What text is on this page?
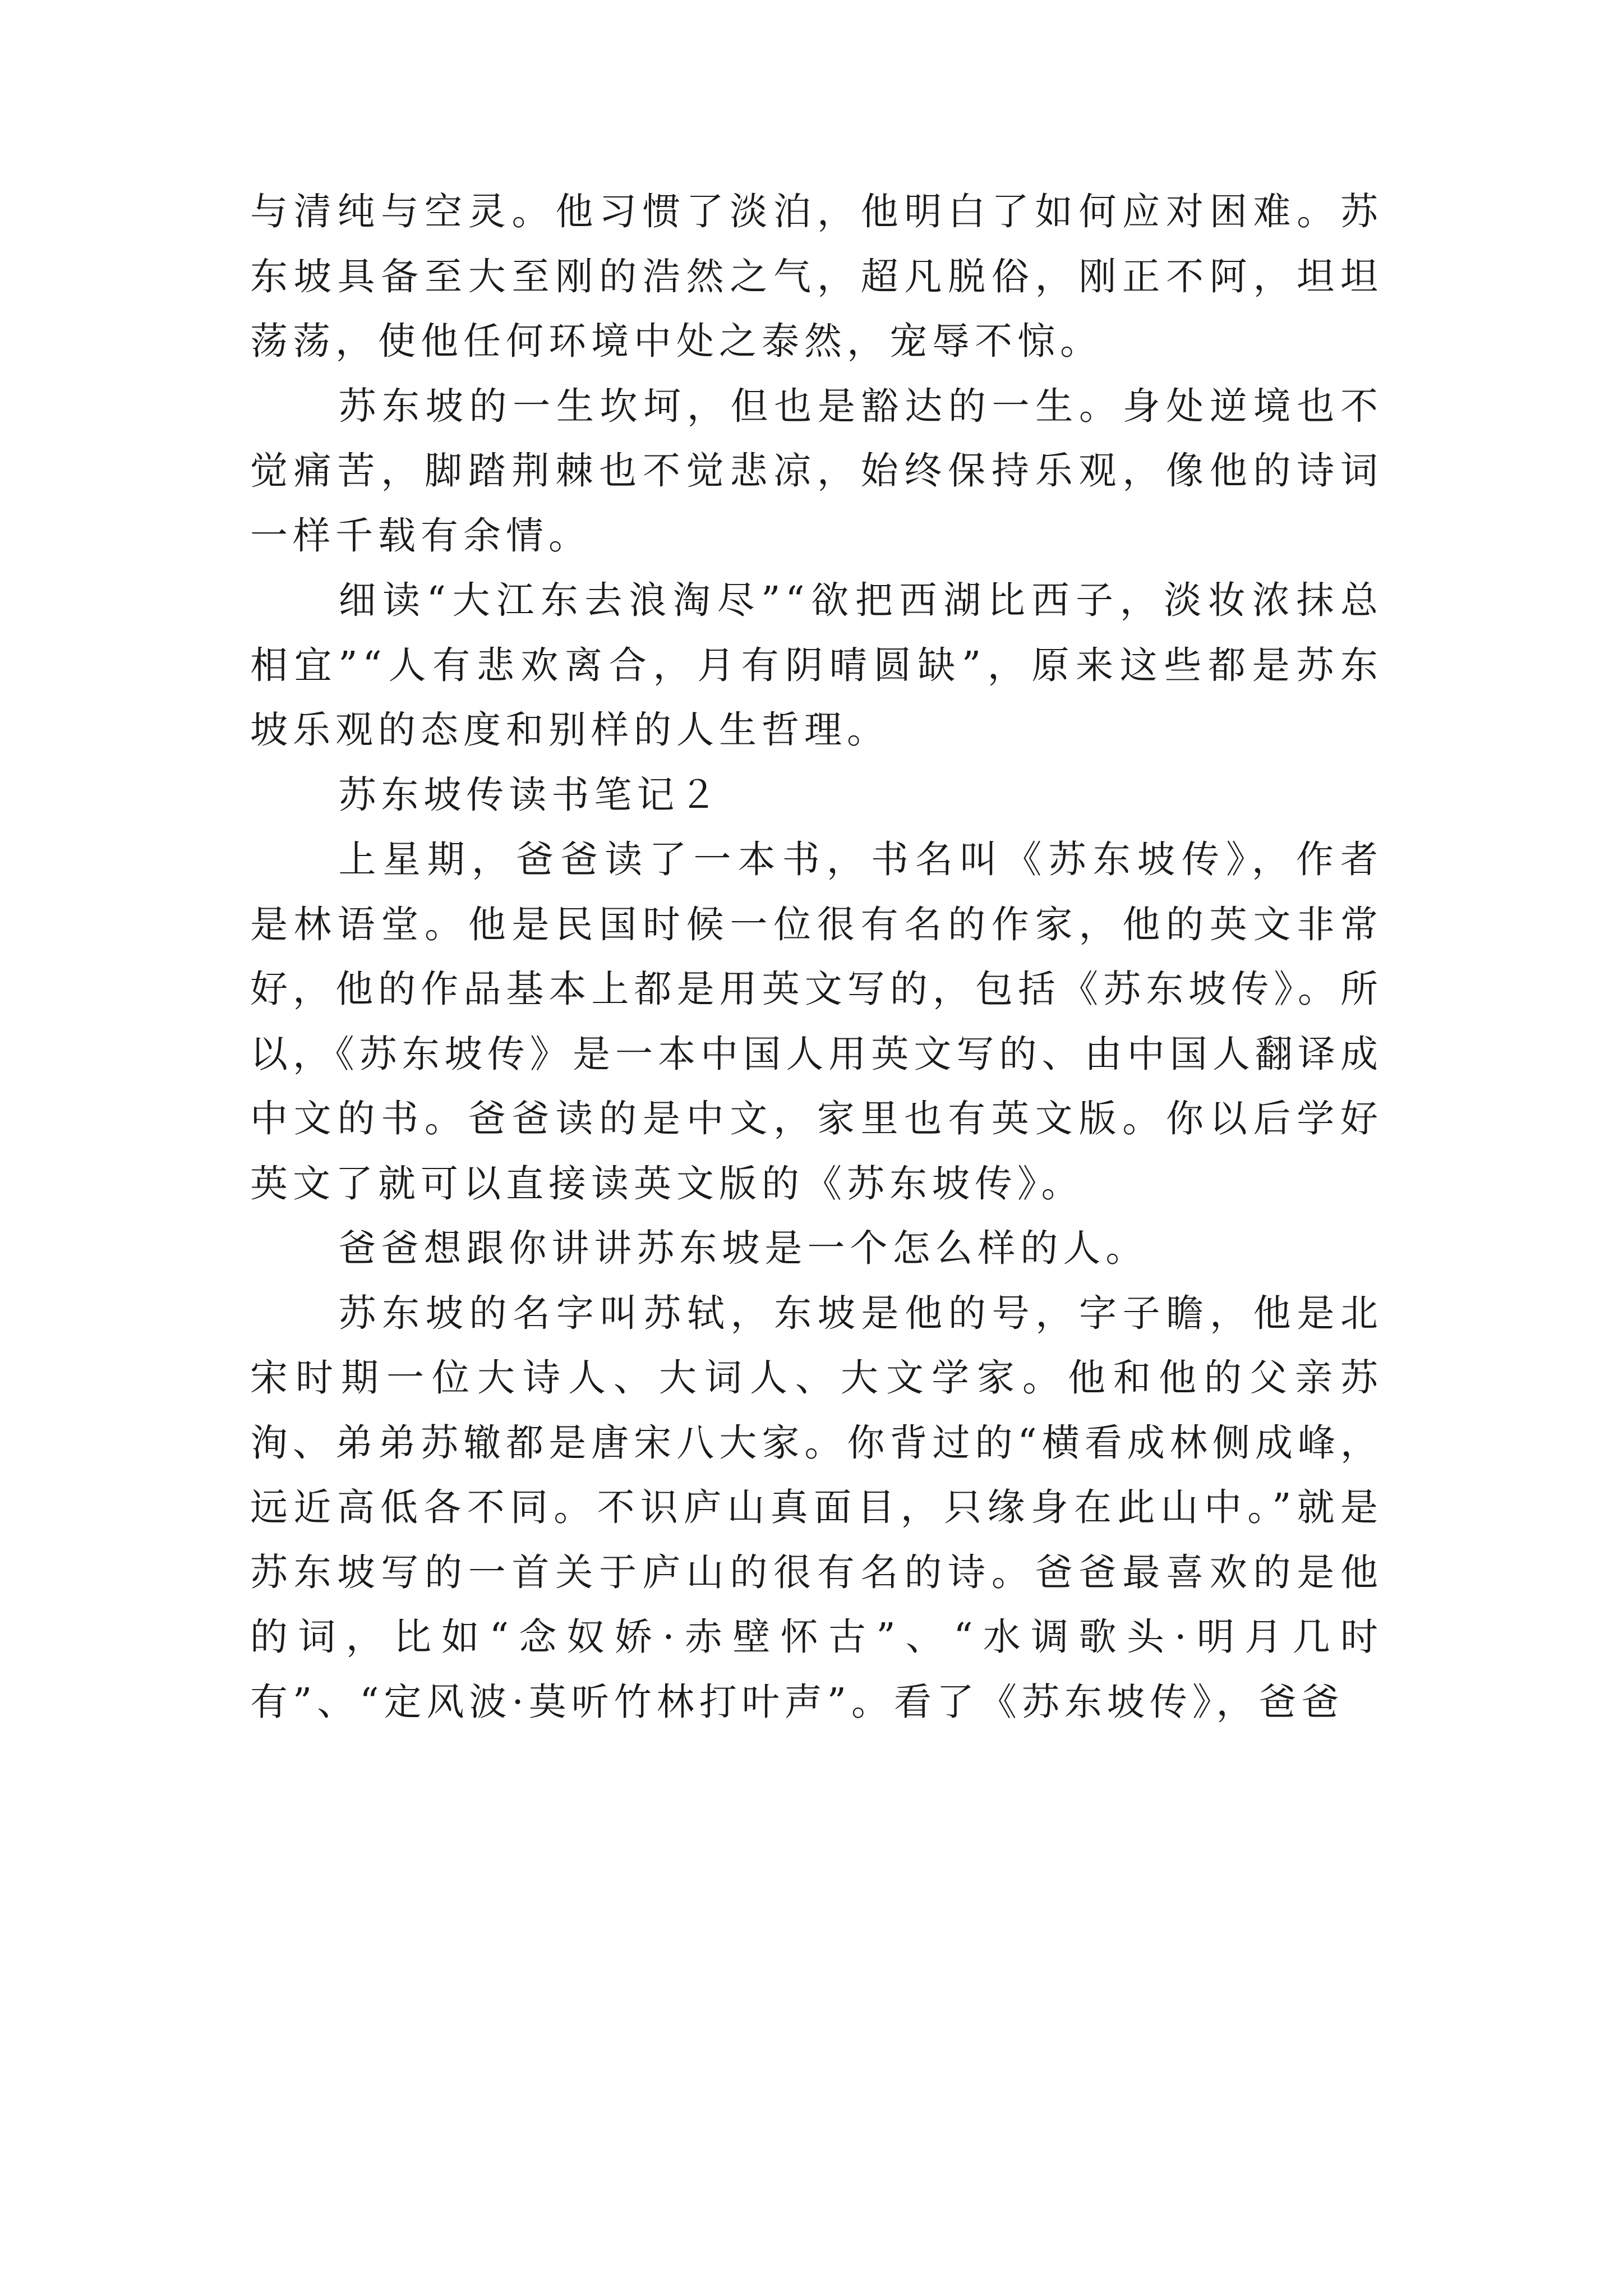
与清纯与空灵。他习惯了淡泊，他明白了如何应对困难。苏东坡具备至大至刚的浩然之气，超凡脱俗，刚正不阿，坦坦荡荡，使他任何环境中处之泰然，宠辱不惊。

苏东坡的一生坎坷，但也是豁达的一生。身处逆境也不觉痛苦，脚踏荆棘也不觉悲凉，始终保持乐观，像他的诗词一样千载有余情。

细读“大江东去浪淘尽”“欲把西湖比西子，淡妆浓抹总相宜”“人有悲欢离合，月有阴晴圆缺”，原来这些都是苏东坡乐观的态度和别样的人生哲理。

苏东坡传读书笔记２

上星期，爸爸读了一本书，书名叫《苏东坡传》，作者是林语堂。他是民国时候一位很有名的作家，他的英文非常好，他的作品基本上都是用英文写的，包括《苏东坡传》。所以，《苏东坡传》是一本中国人用英文写的、由中国人翻译成中文的书。爸爸读的是中文，家里也有英文版。你以后学好英文了就可以直接读英文版的《苏东坡传》。

爸爸想跟你讲讲苏东坡是一个怎么样的人。

苏东坡的名字叫苏轼，东坡是他的号，字子瞻，他是北宋时期一位大诗人、大词人、大文学家。他和他的父亲苏洵、弟弟苏辙都是唐宋八大家。你背过的“横看成林侧成峰，远近高低各不同。不识庐山真面目，只缘身在此山中。”就是苏东坡写的一首关于庐山的很有名的诗。爸爸最喜欢的是他的词，比如“念奴娇·赤壁怀古”、“水调歌头·明月几时有”、“定风波·莫听竹林打叶声”。看了《苏东坡传》，爸爸
